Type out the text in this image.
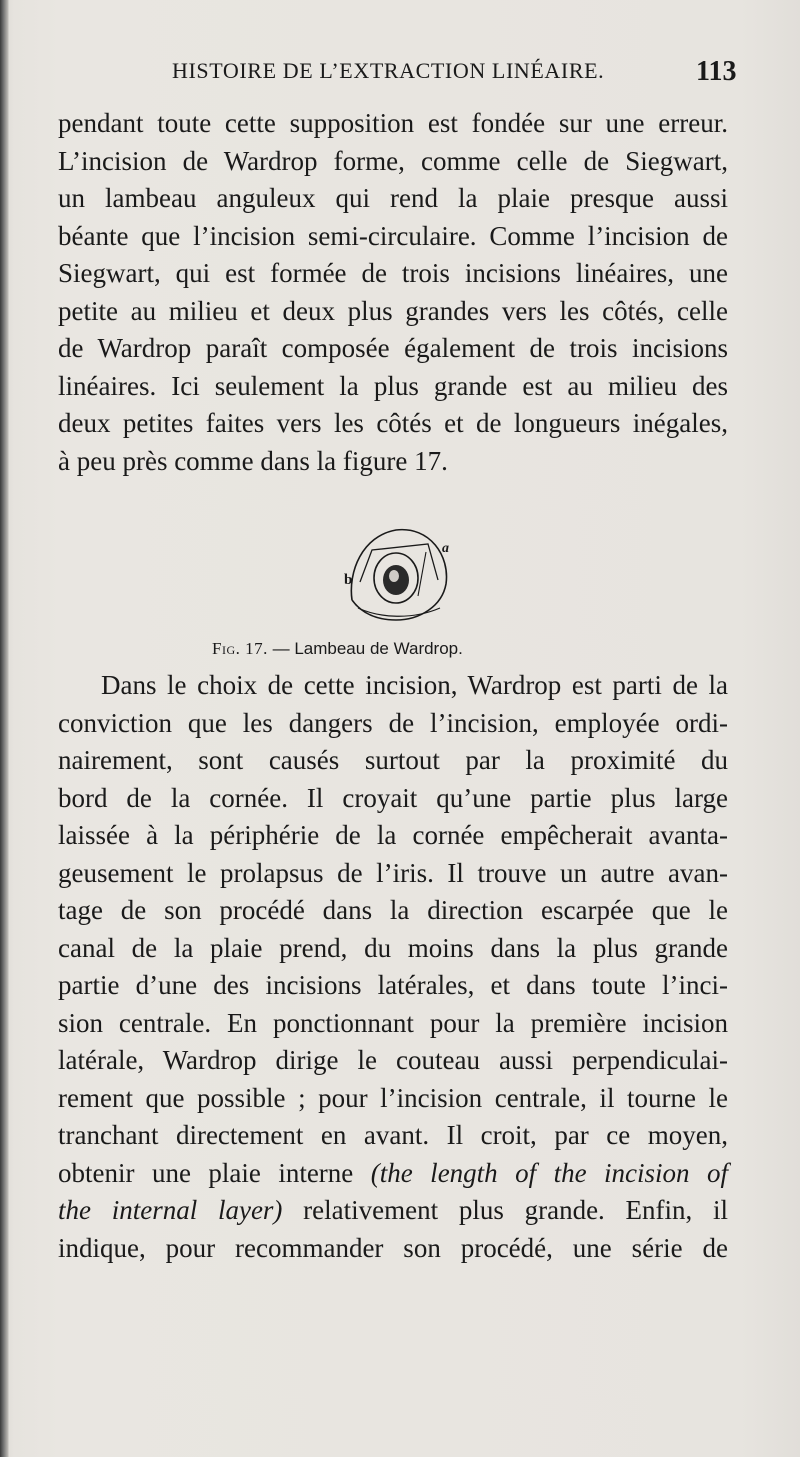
HISTOIRE DE L’EXTRACTION LINÉAIRE.	113

pendant toute cette supposition est fondée sur une erreur.
L’incision de Wardrop forme, comme celle de Siegwart,
un lambeau anguleux qui rend la plaie presque aussi
béante que l’incision semi-circulaire. Comme l’incision de
Siegwart, qui est formée de trois incisions linéaires, une
petite au milieu et deux plus grandes vers les côtés, celle
de Wardrop paraît composée également de trois incisions
linéaires. Ici seulement la plus grande est au milieu des
deux petites faites vers les côtés et de longueurs inégales,
à peu près comme dans la figure 17.

b
a
Fig. 17. — Lambeau de Wardrop.

Dans le choix de cette incision, Wardrop est parti de la
conviction que les dangers de l’incision, employée ordi-
nairement, sont causés surtout par la proximité du
bord de la cornée. Il croyait qu’une partie plus large
laissée à la périphérie de la cornée empêcherait avanta-
geusement le prolapsus de l’iris. Il trouve un autre avan-
tage de son procédé dans la direction escarpée que le
canal de la plaie prend, du moins dans la plus grande
partie d’une des incisions latérales, et dans toute l’inci-
sion centrale. En ponctionnant pour la première incision
latérale, Wardrop dirige le couteau aussi perpendiculai-
rement que possible ; pour l’incision centrale, il tourne le
tranchant directement en avant. Il croit, par ce moyen,
obtenir une plaie interne (the length of the incision of
the internal layer) relativement plus grande. Enfin, il
indique, pour recommander son procédé, une série de
